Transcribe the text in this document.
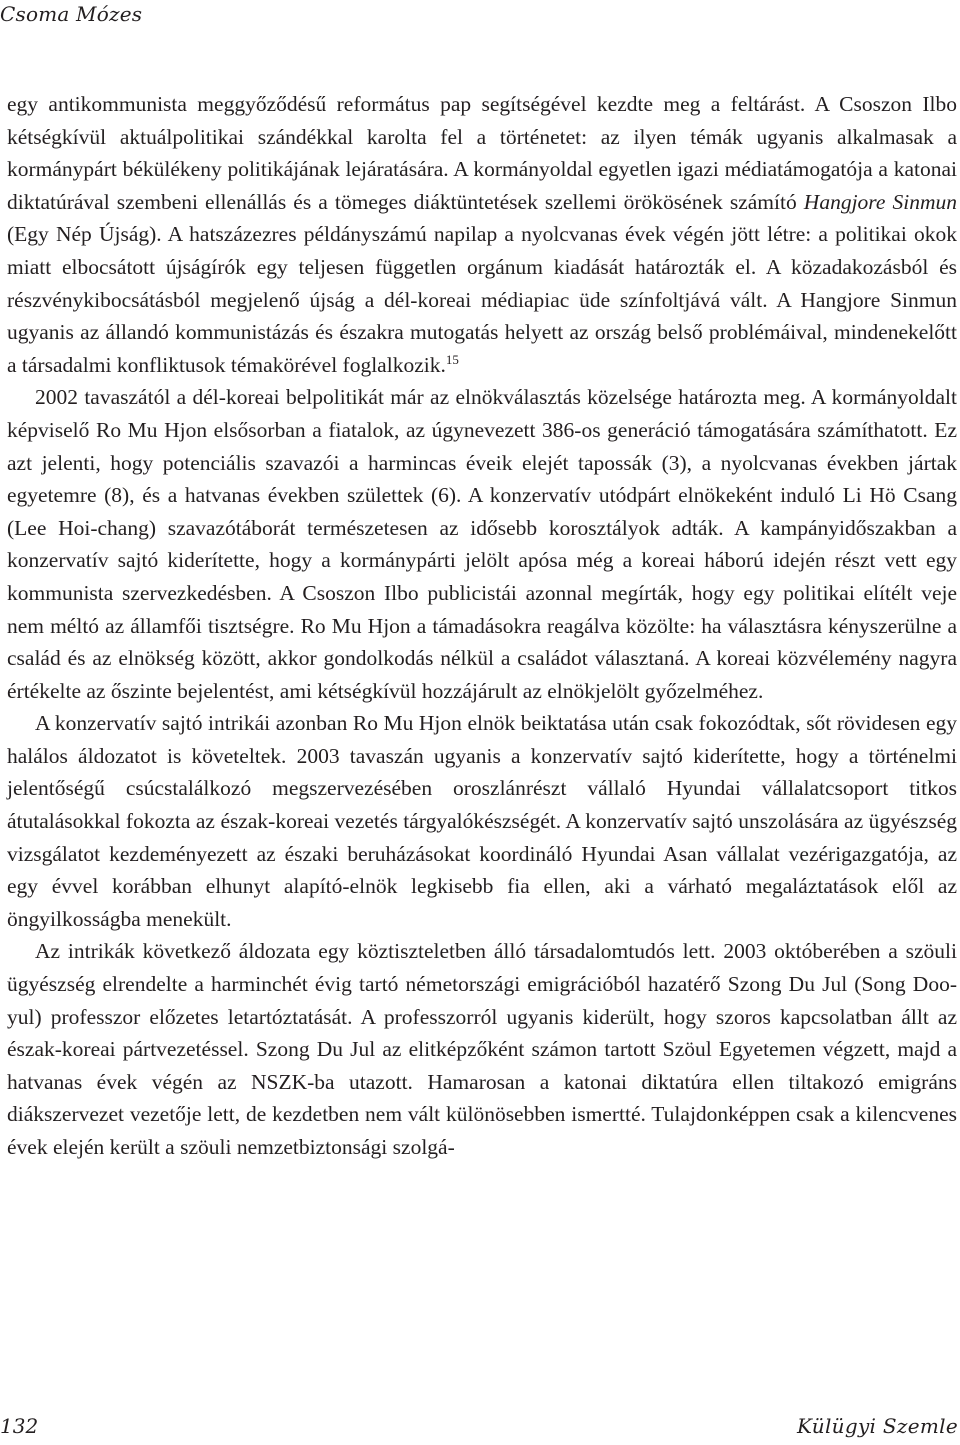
Csoma Mózes

egy antikommunista meggyőződésű református pap segítségével kezdte meg a feltárást. A Csoszon Ilbo kétségkívül aktuálpolitikai szándékkal karolta fel a történetet: az ilyen témák ugyanis alkalmasak a kormánypárt békülékeny politikájának lejáratására. A kormányoldal egyetlen igazi médiatámogatója a katonai diktatúrával szembeni ellenállás és a tömeges diáktüntetések szellemi örökösének számító Hangjore Sinmun (Egy Nép Újság). A hatszázezres példányszámú napilap a nyolcvanas évek végén jött létre: a politikai okok miatt elbocsátott újságírók egy teljesen független orgánum kiadását határozták el. A közadakozásból és részvénykibocsátásból megjelenő újság a dél-koreai médiapiac üde színfoltjává vált. A Hangjore Sinmun ugyanis az állandó kommunistázás és északra mutogatás helyett az ország belső problémáival, mindenekelőtt a társadalmi konfliktusok témakörével foglalkozik.$^{15}$

2002 tavaszától a dél-koreai belpolitikát már az elnökválasztás közelsége határozta meg. A kormányoldalt képviselő Ro Mu Hjon elsősorban a fiatalok, az úgynevezett 386-os generáció támogatására számíthatott. Ez azt jelenti, hogy potenciális szavazói a harmincas éveik elejét tapossák (3), a nyolcvanas években jártak egyetemre (8), és a hatvanas években születtek (6). A konzervatív utódpárt elnökeként induló Li Hö Csang (Lee Hoi-chang) szavazótáborát természetesen az idősebb korosztályok adták. A kampányidőszakban a konzervatív sajtó kiderítette, hogy a kormánypárti jelölt apósa még a koreai háború idején részt vett egy kommunista szervezkedésben. A Csoszon Ilbo publicistái azonnal megírták, hogy egy politikai elítélt veje nem méltó az államfői tisztségre. Ro Mu Hjon a támadásokra reagálva közölte: ha választásra kényszerülne a család és az elnökség között, akkor gondolkodás nélkül a családot választaná. A koreai közvélemény nagyra értékelte az őszinte bejelentést, ami kétségkívül hozzájárult az elnökjelölt győzelméhez.

A konzervatív sajtó intrikái azonban Ro Mu Hjon elnök beiktatása után csak fokozódtak, sőt rövidesen egy halálos áldozatot is követeltek. 2003 tavaszán ugyanis a konzervatív sajtó kiderítette, hogy a történelmi jelentőségű csúcstalálkozó megszervezésében oroszlánrészt vállaló Hyundai vállalatcsoport titkos átutalásokkal fokozta az észak-koreai vezetés tárgyalókészségét. A konzervatív sajtó unszolására az ügyészség vizsgálatot kezdeményezett az északi beruházásokat koordináló Hyundai Asan vállalat vezérigazgatója, az egy évvel korábban elhunyt alapító-elnök legkisebb fia ellen, aki a várható megaláztatások elől az öngyilkosságba menekült.

Az intrikák következő áldozata egy köztiszteletben álló társadalomtudós lett. 2003 októberében a szöuli ügyészség elrendelte a harminchét évig tartó németországi emigrációból hazatérő Szong Du Jul (Song Doo-yul) professzor előzetes letartóztatását. A professzorról ugyanis kiderült, hogy szoros kapcsolatban állt az észak-koreai pártvezetéssel. Szong Du Jul az elitképzőként számon tartott Szöul Egyetemen végzett, majd a hatvanas évek végén az NSZK-ba utazott. Hamarosan a katonai diktatúra ellen tiltakozó emigráns diákszervezet vezetője lett, de kezdetben nem vált különösebben ismertté. Tulajdonképpen csak a kilencvenes évek elején került a szöuli nemzetbiztonsági szolgá-

132	Külügyi Szemle
